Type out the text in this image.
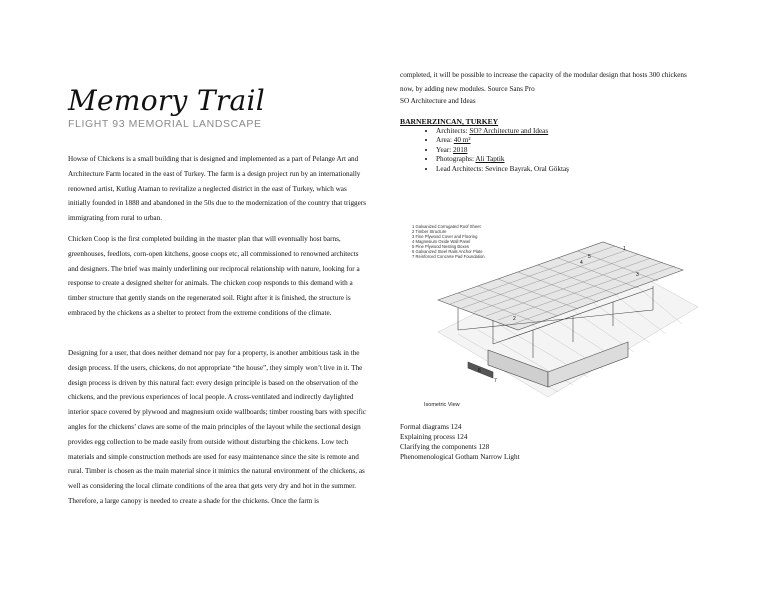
Memory Trail
FLIGHT 93 MEMORIAL LANDSCAPE

Howse of Chickens is a small building that is designed and implemented as a part of Pelange Art and Architecture Farm located in the east of Turkey. The farm is a design project run by an internationally renowned artist, Kutlug Ataman to revitalize a neglected district in the east of Turkey, which was initially founded in 1888 and abandoned in the 50s due to the modernization of the country that triggers immigrating from rural to urban.

Chicken Coop is the first completed building in the master plan that will eventually host barns, greenhouses, feedlots, corn-open kitchens, goose coops etc, all commissioned to renowned architects and designers. The brief was mainly underlining our reciprocal relationship with nature, looking for a response to create a designed shelter for animals. The chicken coop responds to this demand with a timber structure that gently stands on the regenerated soil. Right after it is finished, the structure is embraced by the chickens as a shelter to protect from the extreme conditions of the climate.

Designing for a user, that does neither demand nor pay for a property, is another ambitious task in the design process. If the users, chickens, do not appropriate “the house”, they simply won’t live in it. The design process is driven by this natural fact: every design principle is based on the observation of the chickens, and the previous experiences of local people. A cross-ventilated and indirectly daylighted interior space covered by plywood and magnesium oxide wallboards; timber roosting bars with specific angles for the chickens’ claws are some of the main principles of the layout while the sectional design provides egg collection to be made easily from outside without disturbing the chickens. Low tech materials and simple construction methods are used for easy maintenance since the site is remote and rural. Timber is chosen as the main material since it mimics the natural environment of the chickens, as well as considering the local climate conditions of the area that gets very dry and hot in the summer. Therefore, a large canopy is needed to create a shade for the chickens. Once the farm is

completed, it will be possible to increase the capacity of the modular design that hosts 300 chickens now, by adding new modules. Source Sans Pro
SO Architecture and Ideas
BARNERZINCAN, TURKEY
• Architects: SO? Architecture and Ideas
• Area: 40 m²
• Year: 2018
• Photographs: Ali Taptik
• Lead Architects: Sevince Bayrak, Oral Göktaş
1 Galvanized Corrugated Roof Sheet
2 Timber Structure
3 Fine Plywood Cover and Flooring
4 Magnesium Oxide Wall Panel
5 Pine Plywood Nesting Boxes
6 Galvanized Steel Rails Anchor Plate
7 Reinforced Concrete Pad Foundation
1
2
3
4
5
6
7
Isometric View
Formal diagrams 124
Explaining process 124
Clarifying the components 128
Phenomenological Gotham Narrow Light
